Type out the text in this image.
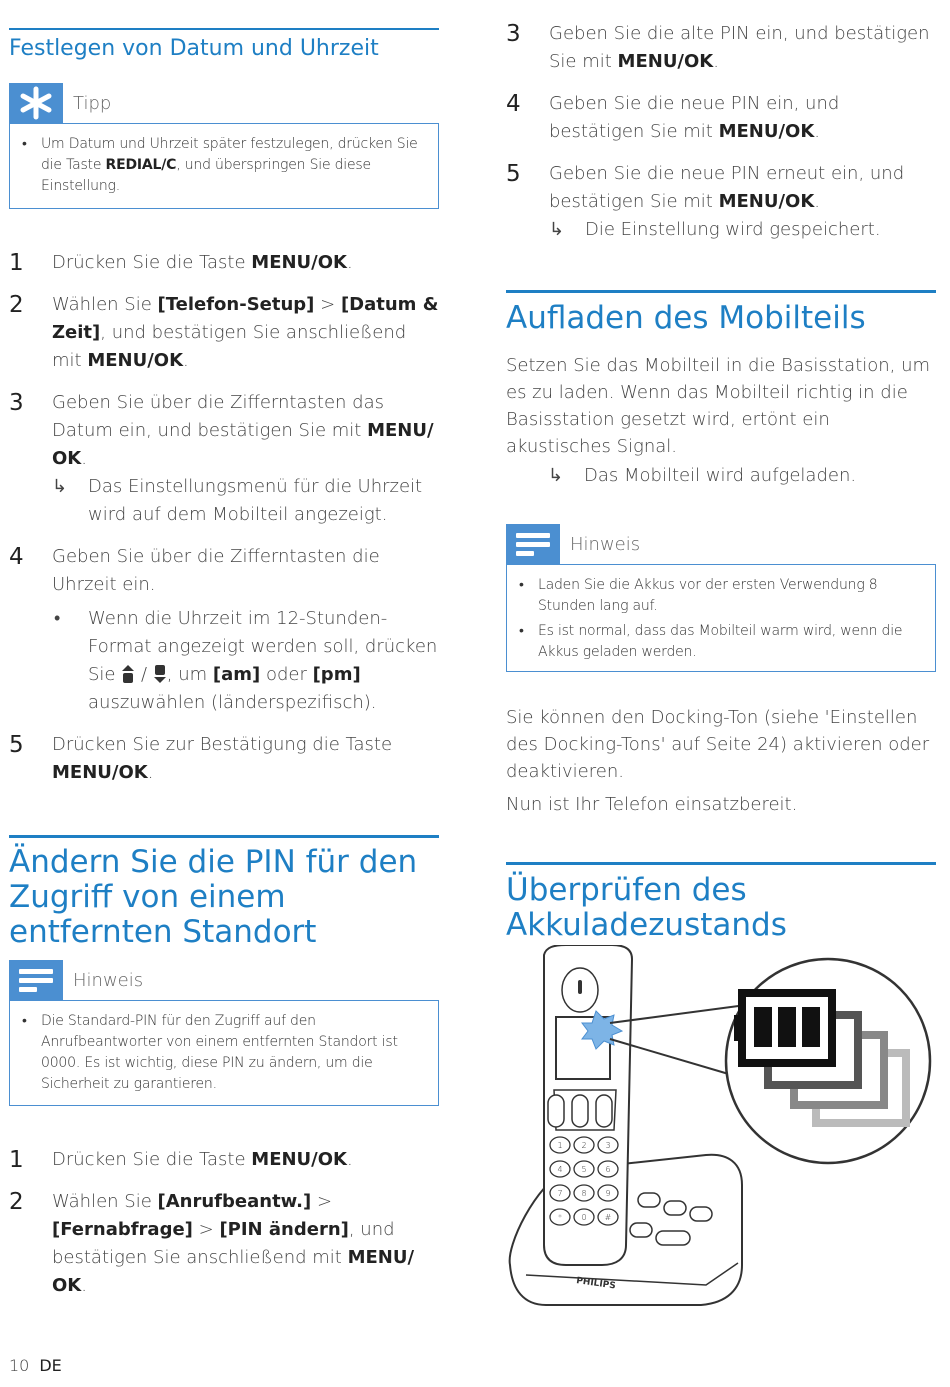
Festlegen von Datum und Uhrzeit
Tipp
• Um Datum und Uhrzeit später festzulegen, drücken Sie die Taste REDIAL/C, und überspringen Sie diese Einstellung.
1 Drücken Sie die Taste MENU/OK.
2 Wählen Sie [Telefon-Setup] > [Datum & Zeit], und bestätigen Sie anschließend mit MENU/OK.
3 Geben Sie über die Zifferntasten das Datum ein, und bestätigen Sie mit MENU/ OK.
↳ Das Einstellungsmenü für die Uhrzeit wird auf dem Mobilteil angezeigt.
4 Geben Sie über die Zifferntasten die Uhrzeit ein.
• Wenn die Uhrzeit im 12-Stunden-Format angezeigt werden soll, drücken Sie  / , um [am] oder [pm] auszuwählen (länderspezifisch).
5 Drücken Sie zur Bestätigung die Taste MENU/OK.
Ändern Sie die PIN für den Zugriff von einem entfernten Standort
Hinweis
• Die Standard-PIN für den Zugriff auf den Anrufbeantworter von einem entfernten Standort ist 0000. Es ist wichtig, diese PIN zu ändern, um die Sicherheit zu garantieren.
1 Drücken Sie die Taste MENU/OK.
2 Wählen Sie [Anrufbeantw.] > [Fernabfrage] > [PIN ändern], und bestätigen Sie anschließend mit MENU/ OK.
3 Geben Sie die alte PIN ein, und bestätigen Sie mit MENU/OK.
4 Geben Sie die neue PIN ein, und bestätigen Sie mit MENU/OK.
5 Geben Sie die neue PIN erneut ein, und bestätigen Sie mit MENU/OK.
↳ Die Einstellung wird gespeichert.
Aufladen des Mobilteils

Setzen Sie das Mobilteil in die Basisstation, um es zu laden. Wenn das Mobilteil richtig in die Basisstation gesetzt wird, ertönt ein akustisches Signal.

↳ Das Mobilteil wird aufgeladen.
Hinweis
• Laden Sie die Akkus vor der ersten Verwendung 8 Stunden lang auf.
• Es ist normal, dass das Mobilteil warm wird, wenn die Akkus geladen werden.

Sie können den Docking-Ton (siehe 'Einstellen des Docking-Tons' auf Seite 24) aktivieren oder deaktivieren.

Nun ist Ihr Telefon einsatzbereit.

Überprüfen des Akkuladezustands
PHILIPS
1 2 3
4 5 6
7 8 9
* 0 #
10 DE
